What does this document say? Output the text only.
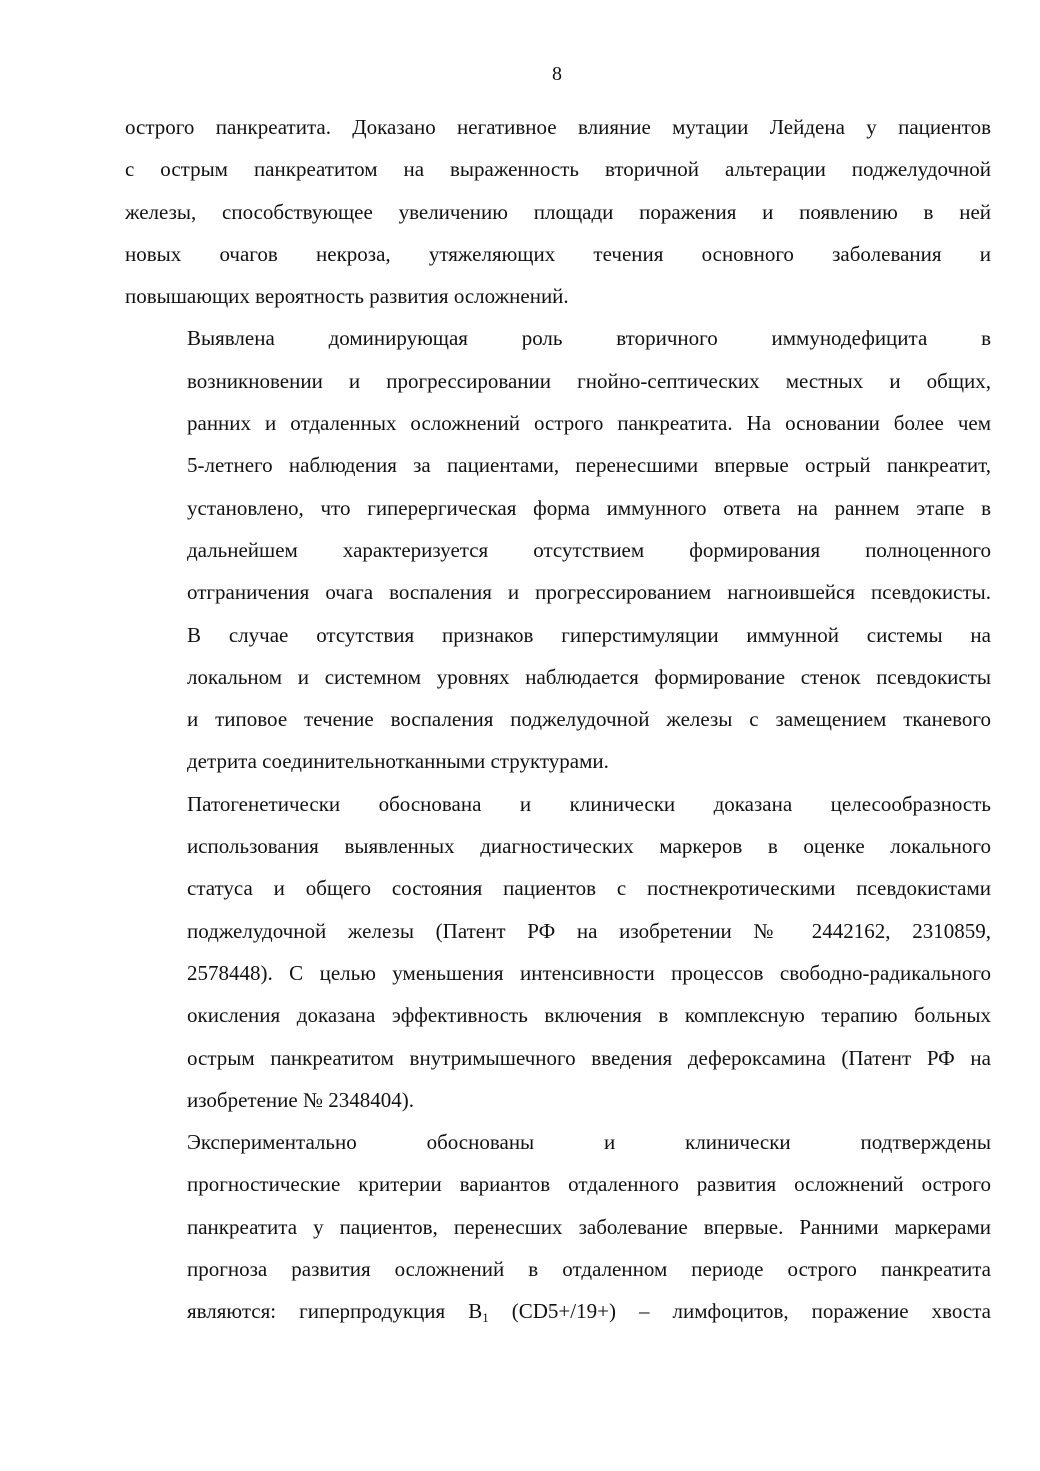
8

острого панкреатита. Доказано негативное влияние мутации Лейдена у пациентов
с острым панкреатитом на выраженность вторичной альтерации поджелудочной
железы, способствующее увеличению площади поражения и появлению в ней
новых очагов некроза, утяжеляющих течения основного заболевания и
повышающих вероятность развития осложнений.

Выявлена доминирующая роль вторичного иммунодефицита в
возникновении и прогрессировании гнойно-септических местных и общих,
ранних и отдаленных осложнений острого панкреатита. На основании более чем
5-летнего наблюдения за пациентами, перенесшими впервые острый панкреатит,
установлено, что гиперергическая форма иммунного ответа на раннем этапе в
дальнейшем характеризуется отсутствием формирования полноценного
отграничения очага воспаления и прогрессированием нагноившейся псевдокисты.
В случае отсутствия признаков гиперстимуляции иммунной системы на
локальном и системном уровнях наблюдается формирование стенок псевдокисты
и типовое течение воспаления поджелудочной железы с замещением тканевого
детрита соединительнотканными структурами.

Патогенетически обоснована и клинически доказана целесообразность
использования выявленных диагностических маркеров в оценке локального
статуса и общего состояния пациентов с постнекротическими псевдокистами
поджелудочной железы (Патент РФ на изобретении № 2442162, 2310859,
2578448). С целью уменьшения интенсивности процессов свободно-радикального
окисления доказана эффективность включения в комплексную терапию больных
острым панкреатитом внутримышечного введения дефероксамина (Патент РФ на
изобретение № 2348404).

Экспериментально обоснованы и клинически подтверждены
прогностические критерии вариантов отдаленного развития осложнений острого
панкреатита у пациентов, перенесших заболевание впервые. Ранними маркерами
прогноза развития осложнений в отдаленном периоде острого панкреатита
являются: гиперпродукция $В_1$ (CD5+/19+) – лимфоцитов, поражение хвоста
